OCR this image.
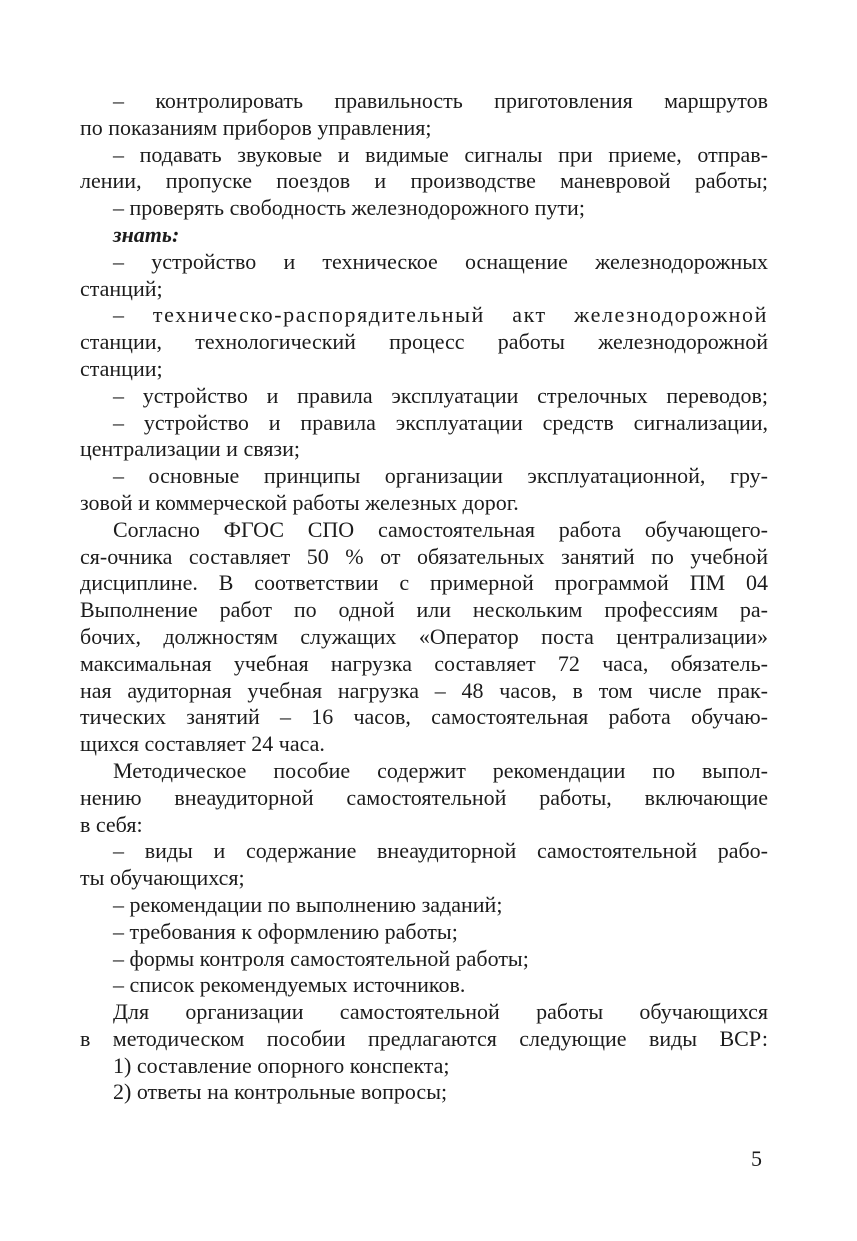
– контролировать правильность приготовления маршрутов
по показаниям приборов управления;
– подавать звуковые и видимые сигналы при приеме, отправ-
лении, пропуске поездов и производстве маневровой работы;
– проверять свободность железнодорожного пути;
знать:
– устройство и техническое оснащение железнодорожных
станций;
– техническо-распорядительный акт железнодорожной
станции, технологический процесс работы железнодорожной
станции;
– устройство и правила эксплуатации стрелочных переводов;
– устройство и правила эксплуатации средств сигнализации,
централизации и связи;
– основные принципы организации эксплуатационной, гру-
зовой и коммерческой работы железных дорог.
Согласно ФГОС СПО самостоятельная работа обучающего-
ся-очника составляет 50 % от обязательных занятий по учебной
дисциплине. В соответствии с примерной программой ПМ 04
Выполнение работ по одной или нескольким профессиям ра-
бочих, должностям служащих «Оператор поста централизации»
максимальная учебная нагрузка составляет 72 часа, обязатель-
ная аудиторная учебная нагрузка – 48 часов, в том числе прак-
тических занятий – 16 часов, самостоятельная работа обучаю-
щихся составляет 24 часа.
Методическое пособие содержит рекомендации по выпол-
нению внеаудиторной самостоятельной работы, включающие
в себя:
– виды и содержание внеаудиторной самостоятельной рабо-
ты обучающихся;
– рекомендации по выполнению заданий;
– требования к оформлению работы;
– формы контроля самостоятельной работы;
– список рекомендуемых источников.
Для организации самостоятельной работы обучающихся
в методическом пособии предлагаются следующие виды ВСР:
1) составление опорного конспекта;
2) ответы на контрольные вопросы;
5
